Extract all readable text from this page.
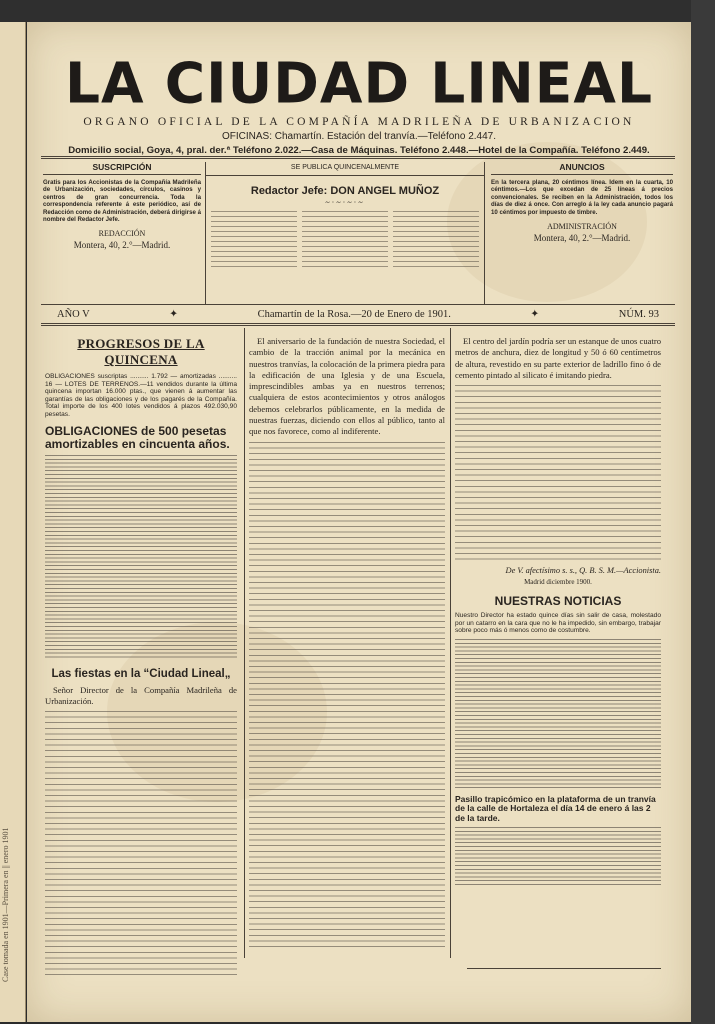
Case tomada en 1901—Primera en || enero 1901
LA CIUDAD LINEAL
ORGANO OFICIAL DE LA COMPAÑÍA MADRILEÑA DE URBANIZACION
OFICINAS: Chamartín. Estación del tranvía.—Teléfono 2.447.
Domicilio social, Goya, 4, pral. der.ª Teléfono 2.022.—Casa de Máquinas. Teléfono 2.448.—Hotel de la Compañía. Teléfono 2.449.
SUSCRIPCIÓN

Gratis para los Accionistas de la Compañía Madrileña de Urbanización, sociedades, círculos, casinos y centros de gran concurrencia. Toda la correspondencia referente á este periódico, así de Redacción como de Administración, deberá dirigirse á nombre del Redactor Jefe.

REDACCIÓN
Montera, 40, 2.°—Madrid.
SE PUBLICA QUINCENALMENTE
Redactor Jefe: DON ANGEL MUÑOZ
~·~·~·~
ANUNCIOS

En la tercera plana, 20 céntimos línea. Idem en la cuarta, 10 céntimos.—Los que excedan de 25 líneas á precios convencionales. Se reciben en la Administración, todos los días de diez á once. Con arreglo á la ley cada anuncio pagará 10 céntimos por impuesto de timbre.

ADMINISTRACIÓN
Montera, 40, 2.°—Madrid.
AÑO V	✦	Chamartín de la Rosa.—20 de Enero de 1901.	✦	NÚM. 93
PROGRESOS DE LA QUINCENA
OBLIGACIONES suscriptas .......... 1.792 — amortizadas .......... 16 — LOTES DE TERRENOS.—11 vendidos durante la última quincena importan 16.000 ptas., que vienen á aumentar las garantías de las obligaciones y de los pagarés de la Compañía. Total importe de los 400 lotes vendidos á plazos 492.030,90 pesetas.
OBLIGACIONES de 500 pesetas amortizables en cincuenta años.
Las fiestas en la “Ciudad Lineal„
Señor Director de la Compañía Madrileña de Urbanización.
El aniversario de la fundación de nuestra Sociedad, el cambio de la tracción animal por la mecánica en nuestros tranvías, la colocación de la primera piedra para la edificación de una Iglesia y de una Escuela, imprescindibles ambas ya en nuestros terrenos; cualquiera de estos acontecimientos y otros análogos debemos celebrarlos públicamente, en la medida de nuestras fuerzas, diciendo con ellos al público, tanto al que nos favorece, como al indiferente.
El centro del jardín podría ser un estanque de unos cuatro metros de anchura, diez de longitud y 50 ó 60 centímetros de altura, revestido en su parte exterior de ladrillo fino ó de cemento pintado al silicato é imitando piedra.
De V. afectísimo s. s., Q. B. S. M.—Accionista.
Madrid diciembre 1900.
NUESTRAS NOTICIAS
Nuestro Director ha estado quince días sin salir de casa, molestado por un catarro en la cara que no le ha impedido, sin embargo, trabajar sobre poco más ó menos como de costumbre.
Pasillo trapicómico en la plataforma de un tranvía de la calle de Hortaleza el día 14 de enero á las 2 de la tarde.
